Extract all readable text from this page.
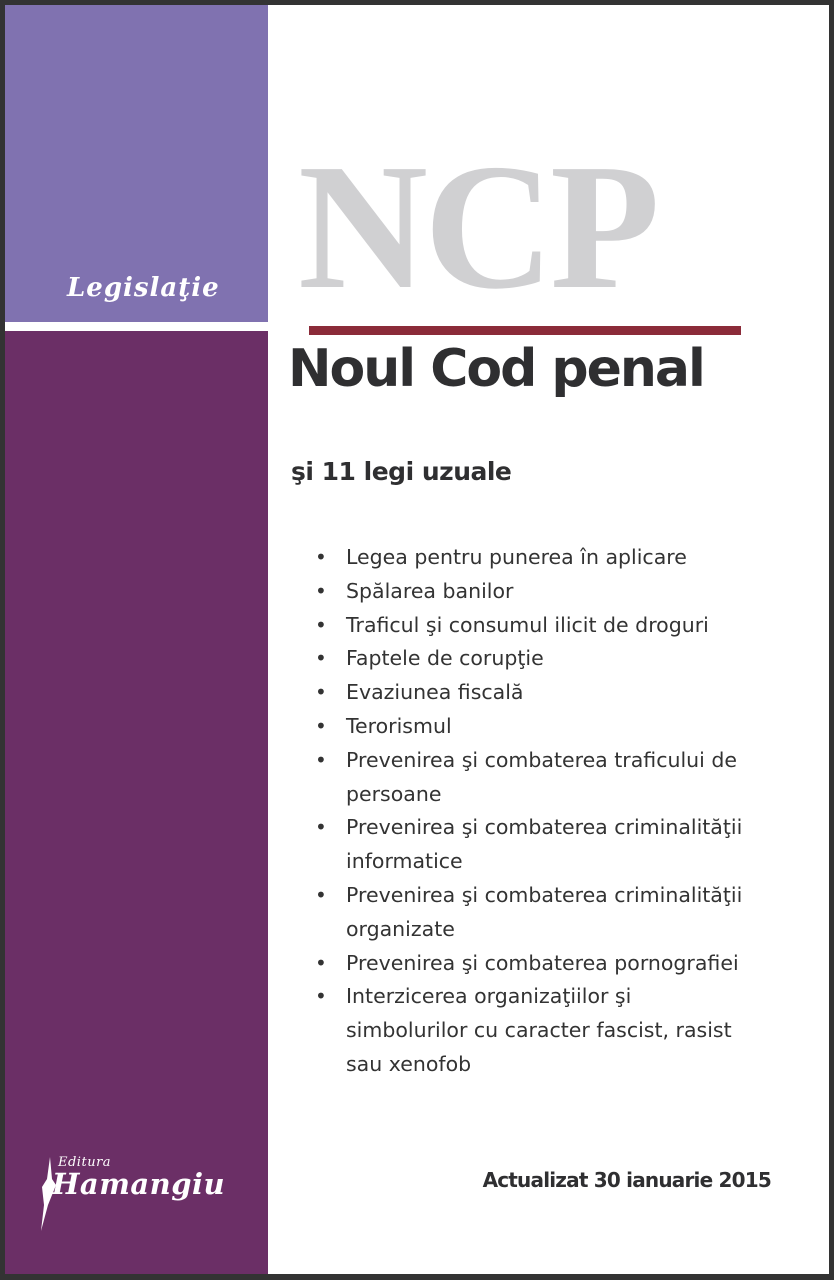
Legislaţie
Editura
Hamangiu
NCP
Noul Cod penal
şi 11 legi uzuale
• Legea pentru punerea în aplicare
• Spălarea banilor
• Traficul şi consumul ilicit de droguri
• Faptele de corupţie
• Evaziunea fiscală
• Terorismul
• Prevenirea şi combaterea traficului de
persoane
• Prevenirea şi combaterea criminalităţii
informatice
• Prevenirea şi combaterea criminalităţii
organizate
• Prevenirea şi combaterea pornografiei
• Interzicerea organizaţiilor şi
simbolurilor cu caracter fascist, rasist
sau xenofob
Actualizat 30 ianuarie 2015
